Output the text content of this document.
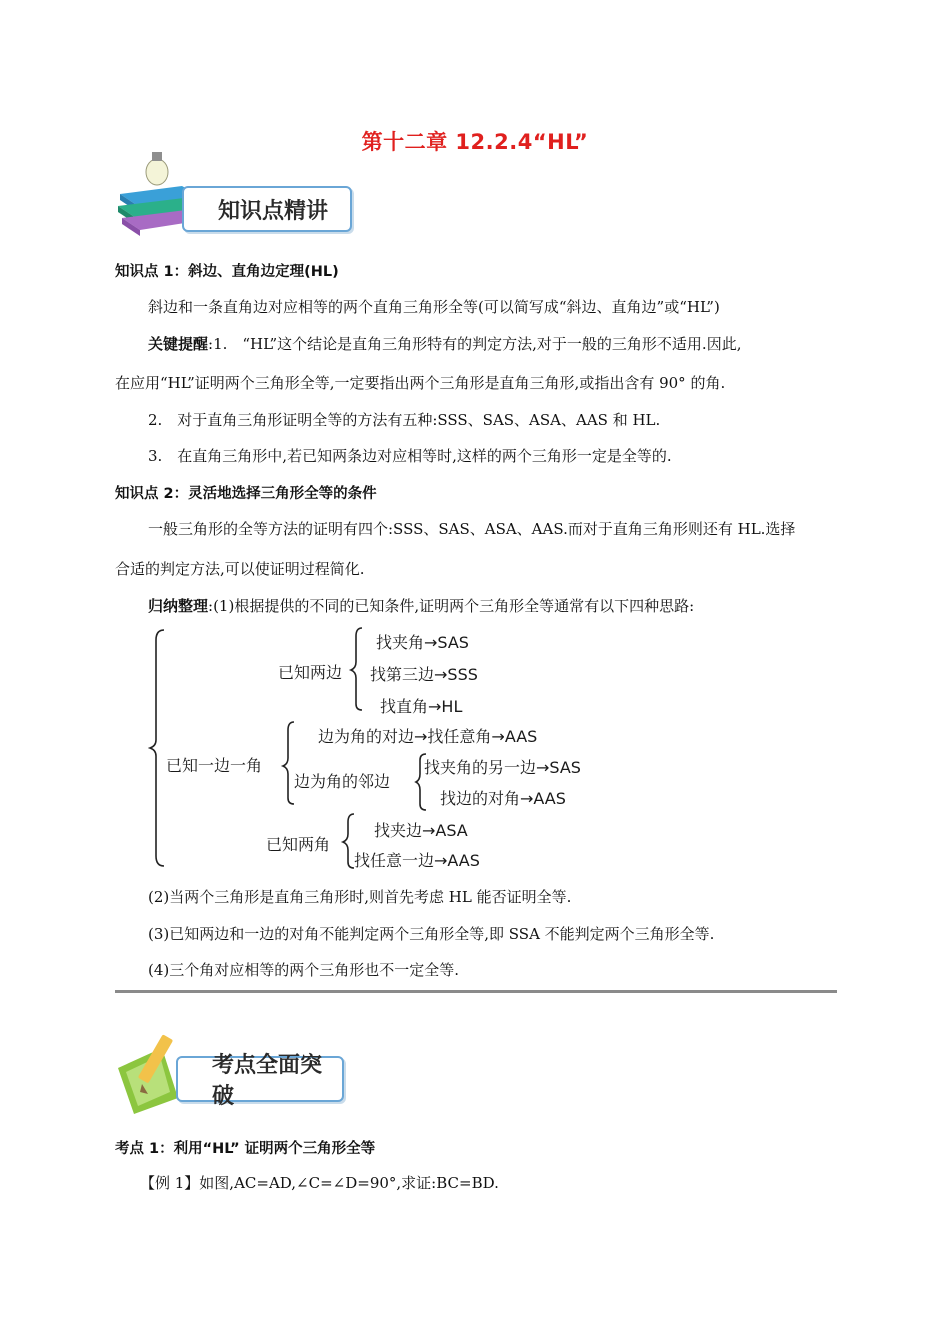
第十二章 12.2.4“HL”
知识点精讲
知识点 1：斜边、直角边定理(HL)
斜边和一条直角边对应相等的两个直角三角形全等(可以简写成“斜边、直角边”或“HL”)
关键提醒:1.　“HL”这个结论是直角三角形特有的判定方法,对于一般的三角形不适用.因此,
在应用“HL”证明两个三角形全等,一定要指出两个三角形是直角三角形,或指出含有 90° 的角.
2.　对于直角三角形证明全等的方法有五种:SSS、SAS、ASA、AAS 和 HL.
3.　在直角三角形中,若已知两条边对应相等时,这样的两个三角形一定是全等的.
知识点 2：灵活地选择三角形全等的条件
一般三角形的全等方法的证明有四个:SSS、SAS、ASA、AAS.而对于直角三角形则还有 HL.选择
合适的判定方法,可以使证明过程简化.
归纳整理:(1)根据提供的不同的已知条件,证明两个三角形全等通常有以下四种思路:
已知两边
找夹角→SAS
找第三边→SSS
找直角→HL
已知一边一角
边为角的对边→找任意角→AAS
边为角的邻边
找夹角的另一边→SAS
找边的对角→AAS
已知两角
找夹边→ASA
找任意一边→AAS
(2)当两个三角形是直角三角形时,则首先考虑 HL 能否证明全等.
(3)已知两边和一边的对角不能判定两个三角形全等,即 SSA 不能判定两个三角形全等.
(4)三个角对应相等的两个三角形也不一定全等.
考点全面突破
考点 1：利用“HL” 证明两个三角形全等
【例 1】如图,AC=AD,∠C=∠D=90°,求证:BC=BD.
